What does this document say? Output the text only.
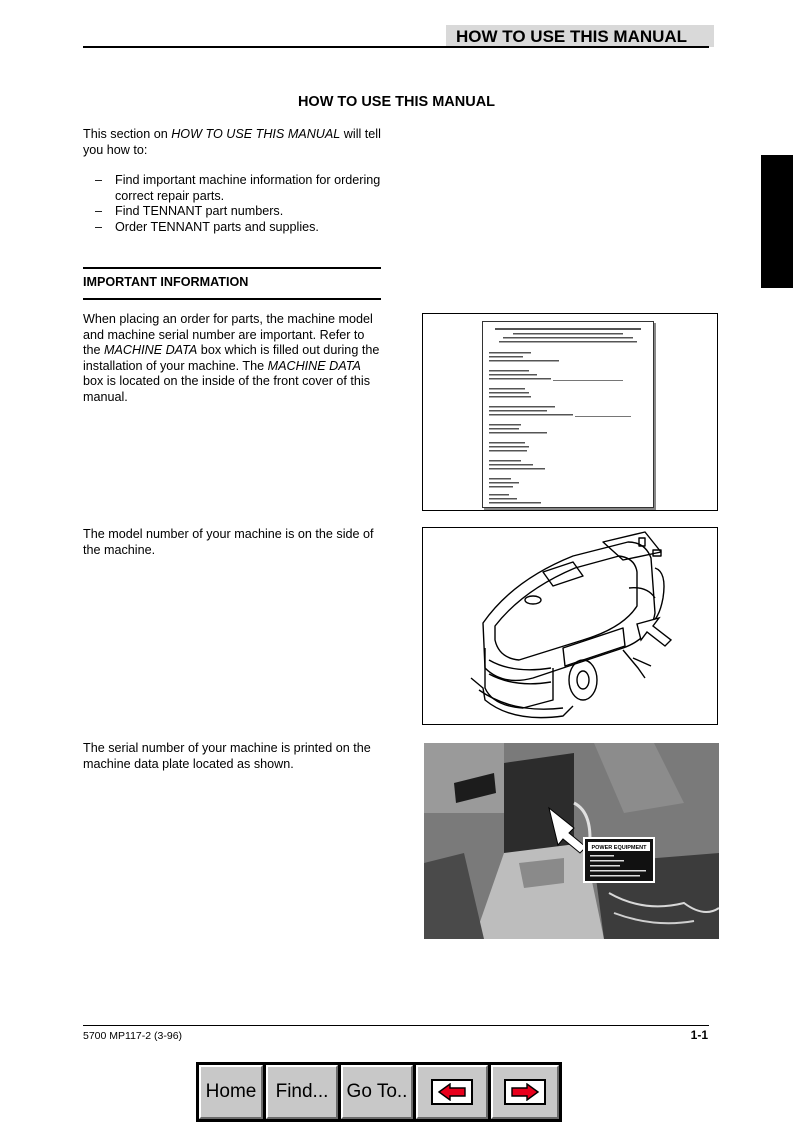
HOW TO USE THIS MANUAL
HOW TO USE THIS MANUAL
This section on HOW TO USE THIS MANUAL will tell you how to:
– Find important machine information for ordering correct repair parts.
– Find TENNANT part numbers.
– Order TENNANT parts and supplies.
IMPORTANT INFORMATION
When placing an order for parts, the machine model and machine serial number are important. Refer to the MACHINE DATA box which is filled out during the installation of your machine. The MACHINE DATA box is located on the inside of the front cover of this manual.
The model number of your machine is on the side of the machine.
The serial number of your machine is printed on the machine data plate located as shown.
POWER EQUIPMENT
5700 MP117-2 (3-96)	1-1
Home	Find... Go To..
